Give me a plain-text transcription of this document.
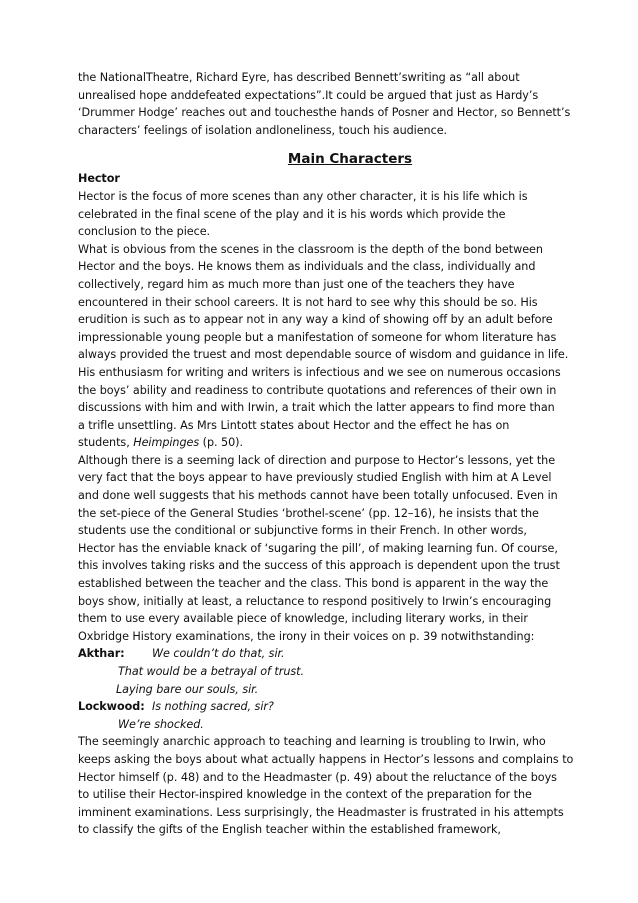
the NationalTheatre, Richard Eyre, has described Bennett’swriting as “all about
unrealised hope anddefeated expectations”.It could be argued that just as Hardy’s
‘Drummer Hodge’ reaches out and touchesthe hands of Posner and Hector, so Bennett’s
characters’ feelings of isolation andloneliness, touch his audience.
Main Characters
Hector
Hector is the focus of more scenes than any other character, it is his life which is
celebrated in the final scene of the play and it is his words which provide the
conclusion to the piece.
What is obvious from the scenes in the classroom is the depth of the bond between
Hector and the boys. He knows them as individuals and the class, individually and
collectively, regard him as much more than just one of the teachers they have
encountered in their school careers. It is not hard to see why this should be so. His
erudition is such as to appear not in any way a kind of showing off by an adult before
impressionable young people but a manifestation of someone for whom literature has
always provided the truest and most dependable source of wisdom and guidance in life.
His enthusiasm for writing and writers is infectious and we see on numerous occasions
the boys’ ability and readiness to contribute quotations and references of their own in
discussions with him and with Irwin, a trait which the latter appears to find more than
a trifle unsettling. As Mrs Lintott states about Hector and the effect he has on
students, Heimpinges (p. 50).
Although there is a seeming lack of direction and purpose to Hector’s lessons, yet the
very fact that the boys appear to have previously studied English with him at A Level
and done well suggests that his methods cannot have been totally unfocused. Even in
the set-piece of the General Studies ‘brothel-scene’ (pp. 12–16), he insists that the
students use the conditional or subjunctive forms in their French. In other words,
Hector has the enviable knack of ‘sugaring the pill’, of making learning fun. Of course,
this involves taking risks and the success of this approach is dependent upon the trust
established between the teacher and the class. This bond is apparent in the way the
boys show, initially at least, a reluctance to respond positively to Irwin’s encouraging
them to use every available piece of knowledge, including literary works, in their
Oxbridge History examinations, the irony in their voices on p. 39 notwithstanding:
Akthar: We couldn’t do that, sir.
That would be a betrayal of trust.
Laying bare our souls, sir.
Lockwood: Is nothing sacred, sir?
We’re shocked.
The seemingly anarchic approach to teaching and learning is troubling to Irwin, who
keeps asking the boys about what actually happens in Hector’s lessons and complains to
Hector himself (p. 48) and to the Headmaster (p. 49) about the reluctance of the boys
to utilise their Hector-inspired knowledge in the context of the preparation for the
imminent examinations. Less surprisingly, the Headmaster is frustrated in his attempts
to classify the gifts of the English teacher within the established framework,
